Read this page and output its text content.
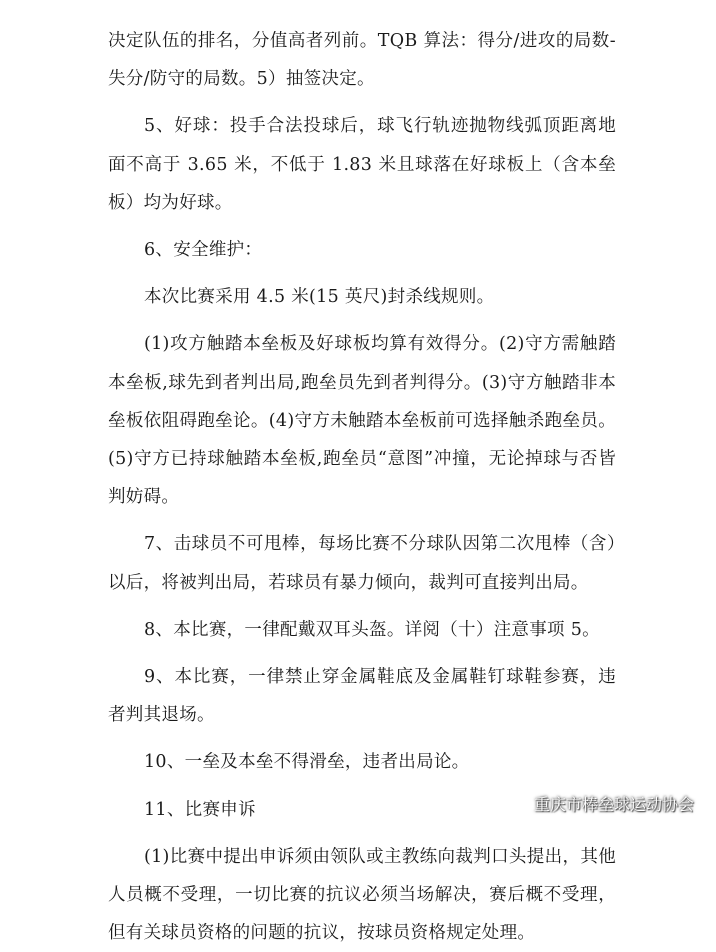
决定队伍的排名，分值高者列前。TQB 算法：得分/进攻的局数-失分/防守的局数。5）抽签决定。

5、好球：投手合法投球后，球飞行轨迹抛物线弧顶距离地面不高于 3.65 米，不低于 1.83 米且球落在好球板上（含本垒板）均为好球。

6、安全维护：

本次比赛采用 4.5 米(15 英尺)封杀线规则。

(1)攻方触踏本垒板及好球板均算有效得分。(2)守方需触踏本垒板,球先到者判出局,跑垒员先到者判得分。(3)守方触踏非本垒板依阻碍跑垒论。(4)守方未触踏本垒板前可选择触杀跑垒员。(5)守方已持球触踏本垒板,跑垒员“意图”冲撞，无论掉球与否皆判妨碍。

7、击球员不可甩棒，每场比赛不分球队因第二次甩棒（含）以后，将被判出局，若球员有暴力倾向，裁判可直接判出局。

8、本比赛，一律配戴双耳头盔。详阅（十）注意事项 5。

9、本比赛，一律禁止穿金属鞋底及金属鞋钉球鞋参赛，违者判其退场。

10、一垒及本垒不得滑垒，违者出局论。

11、比赛申诉

(1)比赛中提出申诉须由领队或主教练向裁判口头提出，其他人员概不受理，一切比赛的抗议必须当场解决，赛后概不受理，但有关球员资格的问题的抗议，按球员资格规定处理。

重庆市棒垒球运动协会
